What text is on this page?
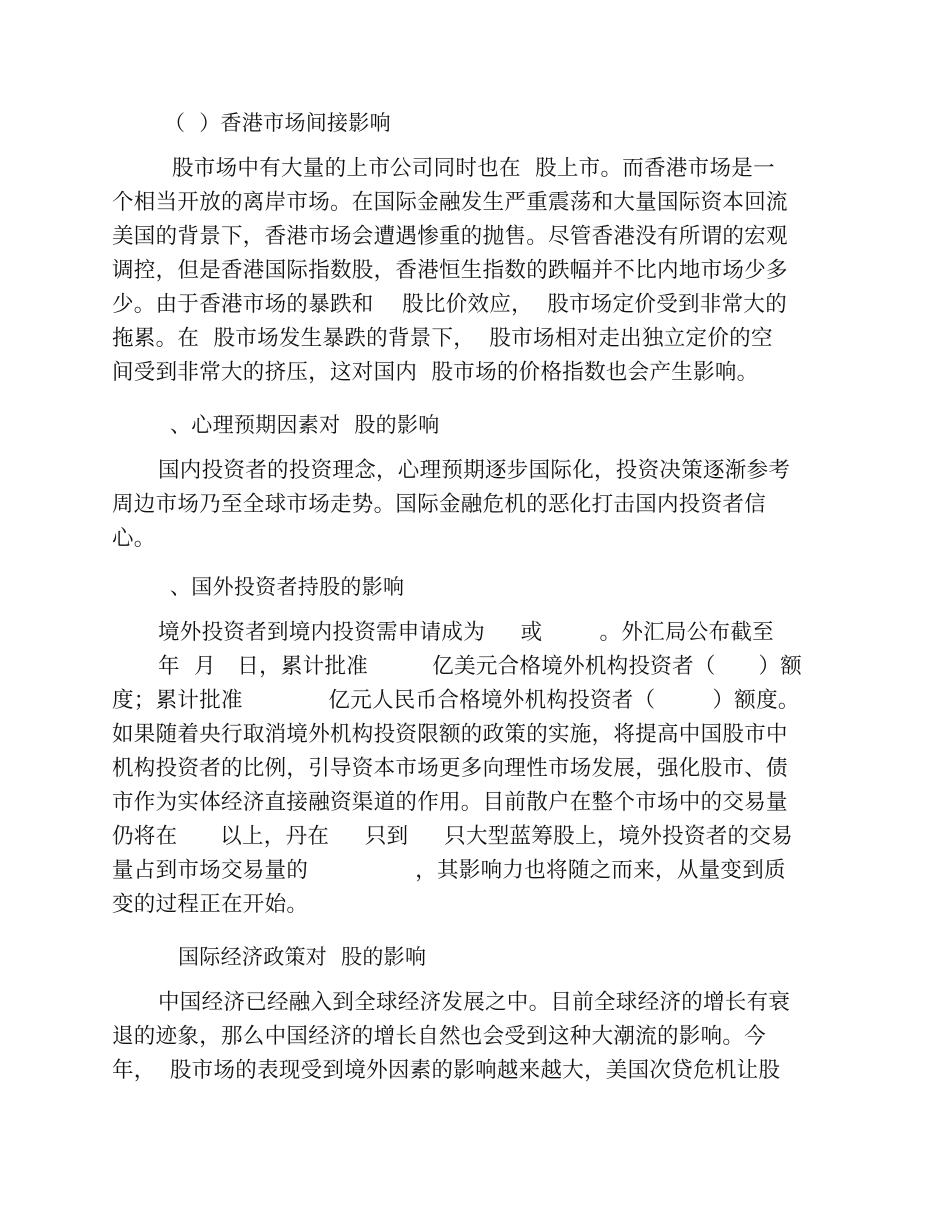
（  ）香港市场间接影响
股市场中有大量的上市公司同时也在  股上市。而香港市场是一
个相当开放的离岸市场。在国际金融发生严重震荡和大量国际资本回流
美国的背景下，香港市场会遭遇惨重的抛售。尽管香港没有所谓的宏观
调控，但是香港国际指数股，香港恒生指数的跌幅并不比内地市场少多
少。由于香港市场的暴跌和    股比价效应，  股市场定价受到非常大的
拖累。在  股市场发生暴跌的背景下，  股市场相对走出独立定价的空
间受到非常大的挤压，这对国内  股市场的价格指数也会产生影响。
、心理预期因素对  股的影响
国内投资者的投资理念，心理预期逐步国际化，投资决策逐渐参考
周边市场乃至全球市场走势。国际金融危机的恶化打击国内投资者信
心。
、国外投资者持股的影响
境外投资者到境内投资需申请成为     或        。外汇局公布截至
年  月   日，累计批准         亿美元合格境外机构投资者（      ）额
度；累计批准            亿元人民币合格境外机构投资者（        ）额度。
如果随着央行取消境外机构投资限额的政策的实施，将提高中国股市中
机构投资者的比例，引导资本市场更多向理性市场发展，强化股市、债
市作为实体经济直接融资渠道的作用。目前散户在整个市场中的交易量
仍将在      以上，丹在     只到     只大型蓝筹股上，境外投资者的交易
量占到市场交易量的               ，其影响力也将随之而来，从量变到质
变的过程正在开始。
国际经济政策对  股的影响
中国经济已经融入到全球经济发展之中。目前全球经济的增长有衰
退的迹象，那么中国经济的增长自然也会受到这种大潮流的影响。今
年，  股市场的表现受到境外因素的影响越来越大，美国次贷危机让股
